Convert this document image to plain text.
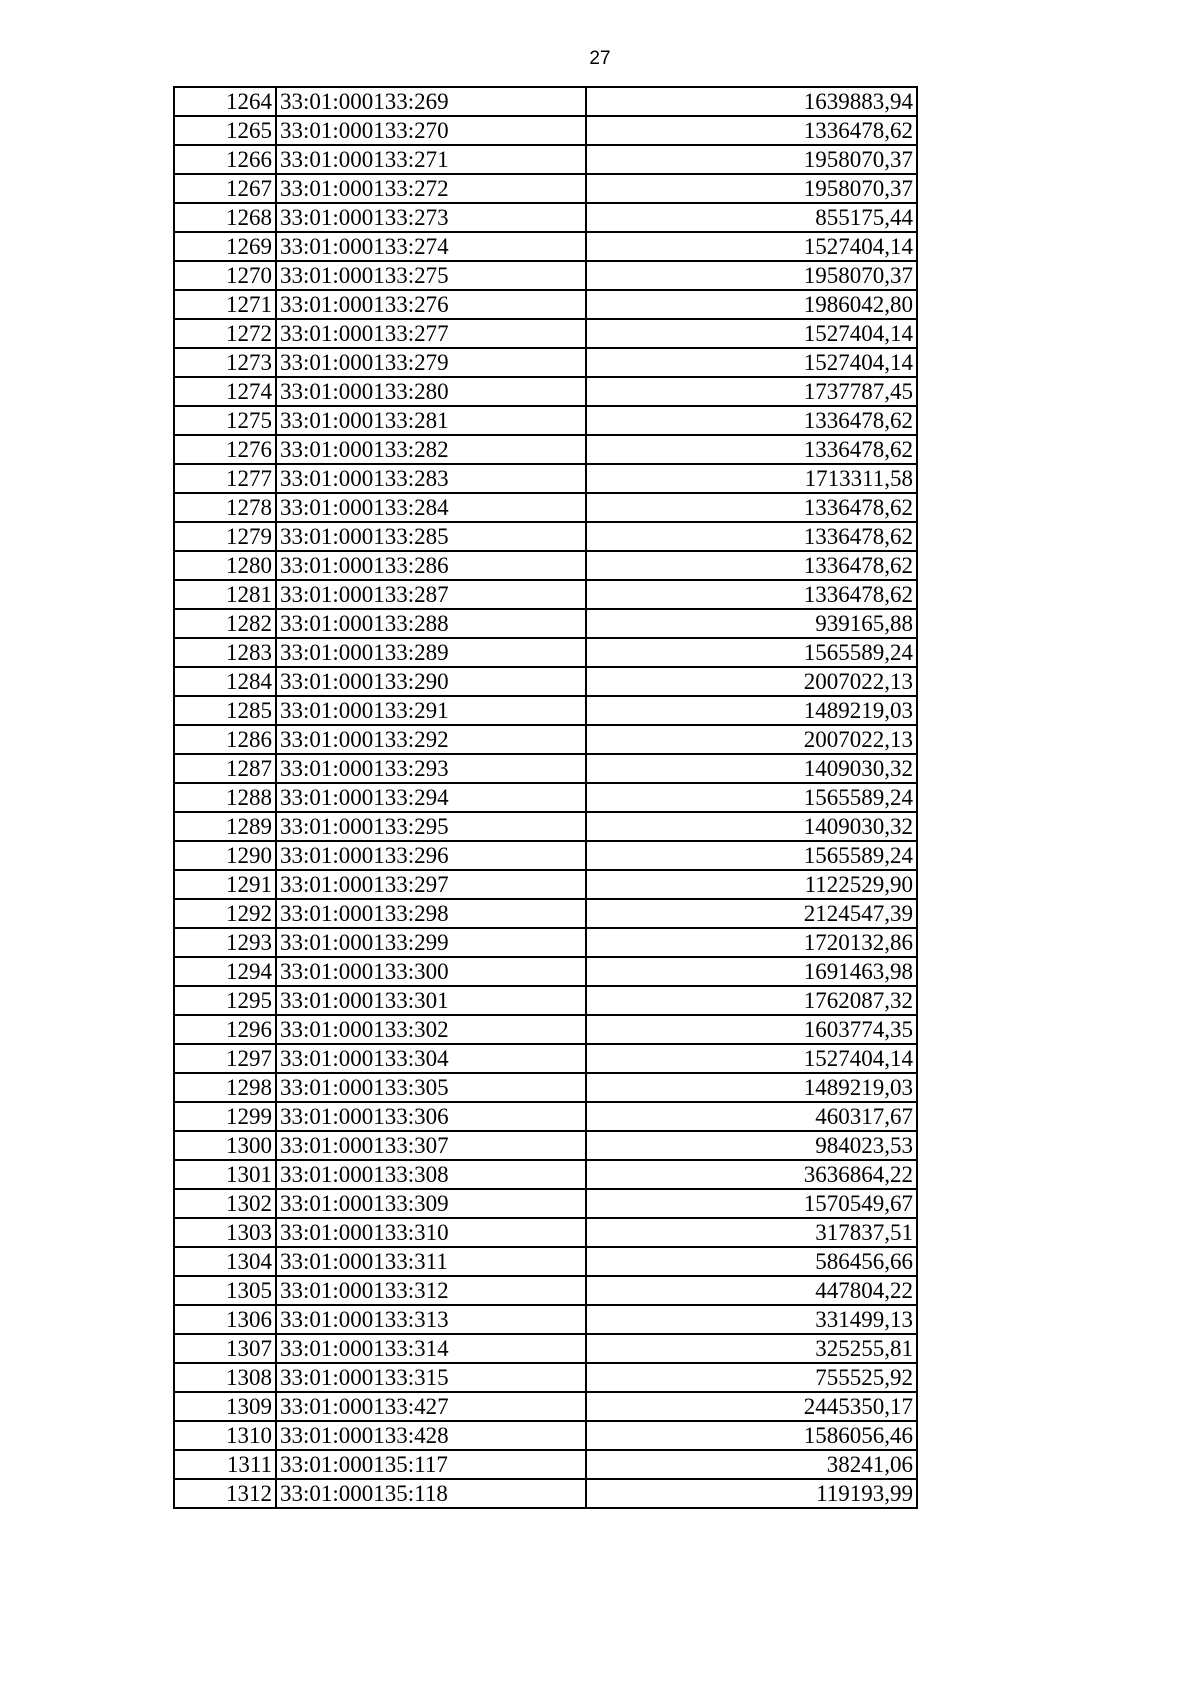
27
1264	33:01:000133:269	1639883,94
1265	33:01:000133:270	1336478,62
1266	33:01:000133:271	1958070,37
1267	33:01:000133:272	1958070,37
1268	33:01:000133:273	855175,44
1269	33:01:000133:274	1527404,14
1270	33:01:000133:275	1958070,37
1271	33:01:000133:276	1986042,80
1272	33:01:000133:277	1527404,14
1273	33:01:000133:279	1527404,14
1274	33:01:000133:280	1737787,45
1275	33:01:000133:281	1336478,62
1276	33:01:000133:282	1336478,62
1277	33:01:000133:283	1713311,58
1278	33:01:000133:284	1336478,62
1279	33:01:000133:285	1336478,62
1280	33:01:000133:286	1336478,62
1281	33:01:000133:287	1336478,62
1282	33:01:000133:288	939165,88
1283	33:01:000133:289	1565589,24
1284	33:01:000133:290	2007022,13
1285	33:01:000133:291	1489219,03
1286	33:01:000133:292	2007022,13
1287	33:01:000133:293	1409030,32
1288	33:01:000133:294	1565589,24
1289	33:01:000133:295	1409030,32
1290	33:01:000133:296	1565589,24
1291	33:01:000133:297	1122529,90
1292	33:01:000133:298	2124547,39
1293	33:01:000133:299	1720132,86
1294	33:01:000133:300	1691463,98
1295	33:01:000133:301	1762087,32
1296	33:01:000133:302	1603774,35
1297	33:01:000133:304	1527404,14
1298	33:01:000133:305	1489219,03
1299	33:01:000133:306	460317,67
1300	33:01:000133:307	984023,53
1301	33:01:000133:308	3636864,22
1302	33:01:000133:309	1570549,67
1303	33:01:000133:310	317837,51
1304	33:01:000133:311	586456,66
1305	33:01:000133:312	447804,22
1306	33:01:000133:313	331499,13
1307	33:01:000133:314	325255,81
1308	33:01:000133:315	755525,92
1309	33:01:000133:427	2445350,17
1310	33:01:000133:428	1586056,46
1311	33:01:000135:117	38241,06
1312	33:01:000135:118	119193,99
